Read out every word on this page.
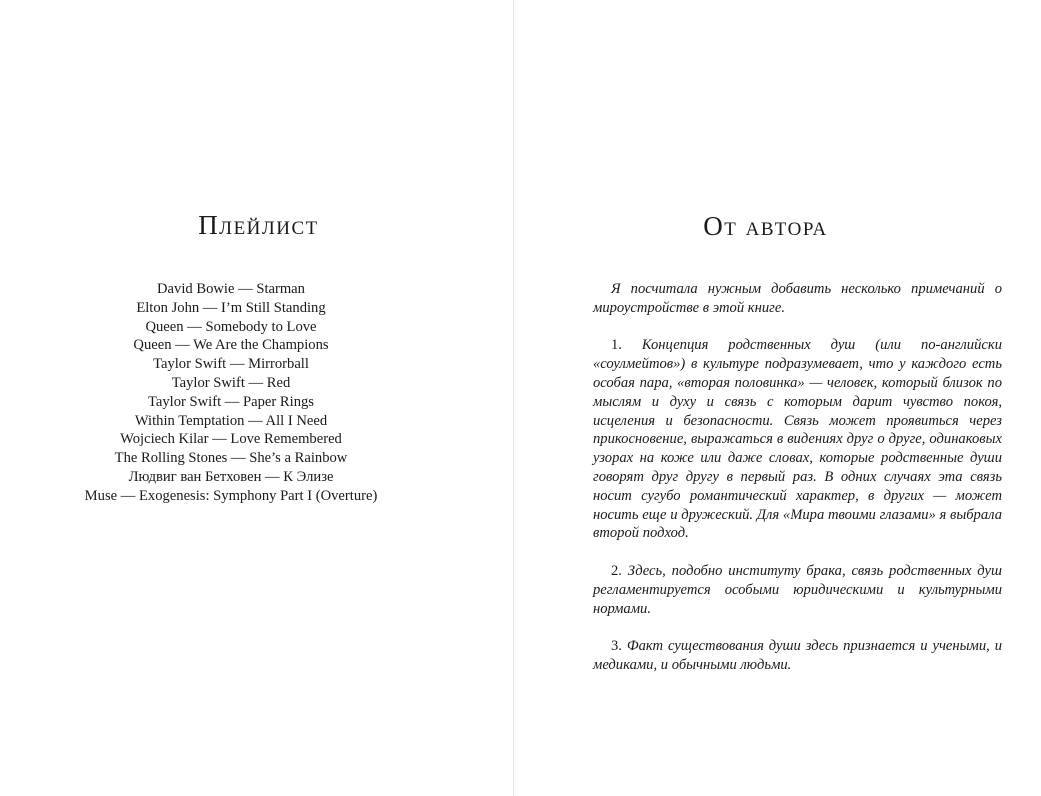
Плейлист
David Bowie — Starman
Elton John — I’m Still Standing
Queen — Somebody to Love
Queen — We Are the Champions
Taylor Swift — Mirrorball
Taylor Swift — Red
Taylor Swift — Paper Rings
Within Temptation — All I Need
Wojciech Kilar — Love Remembered
The Rolling Stones — She’s a Rainbow
Людвиг ван Бетховен — К Элизе
Muse — Exogenesis: Symphony Part I (Overture)
От автора

Я посчитала нужным добавить несколько примечаний о мироустройстве в этой книге.

1. Концепция родственных душ (или по-английски «соулмейтов») в культуре подразумевает, что у каждого есть особая пара, «вторая половинка» — человек, который близок по мыслям и духу и связь с которым дарит чувство покоя, исцеления и безопасности. Связь может проявиться через прикосновение, выражаться в видениях друг о друге, одинаковых узорах на коже или даже словах, которые родственные души говорят друг другу в первый раз. В одних случаях эта связь носит сугубо романтический характер, в других — может носить еще и дружеский. Для «Мира твоими глазами» я выбрала второй подход.

2. Здесь, подобно институту брака, связь родственных душ регламентируется особыми юридическими и культурными нормами.

3. Факт существования души здесь признается и учеными, и медиками, и обычными людьми.
